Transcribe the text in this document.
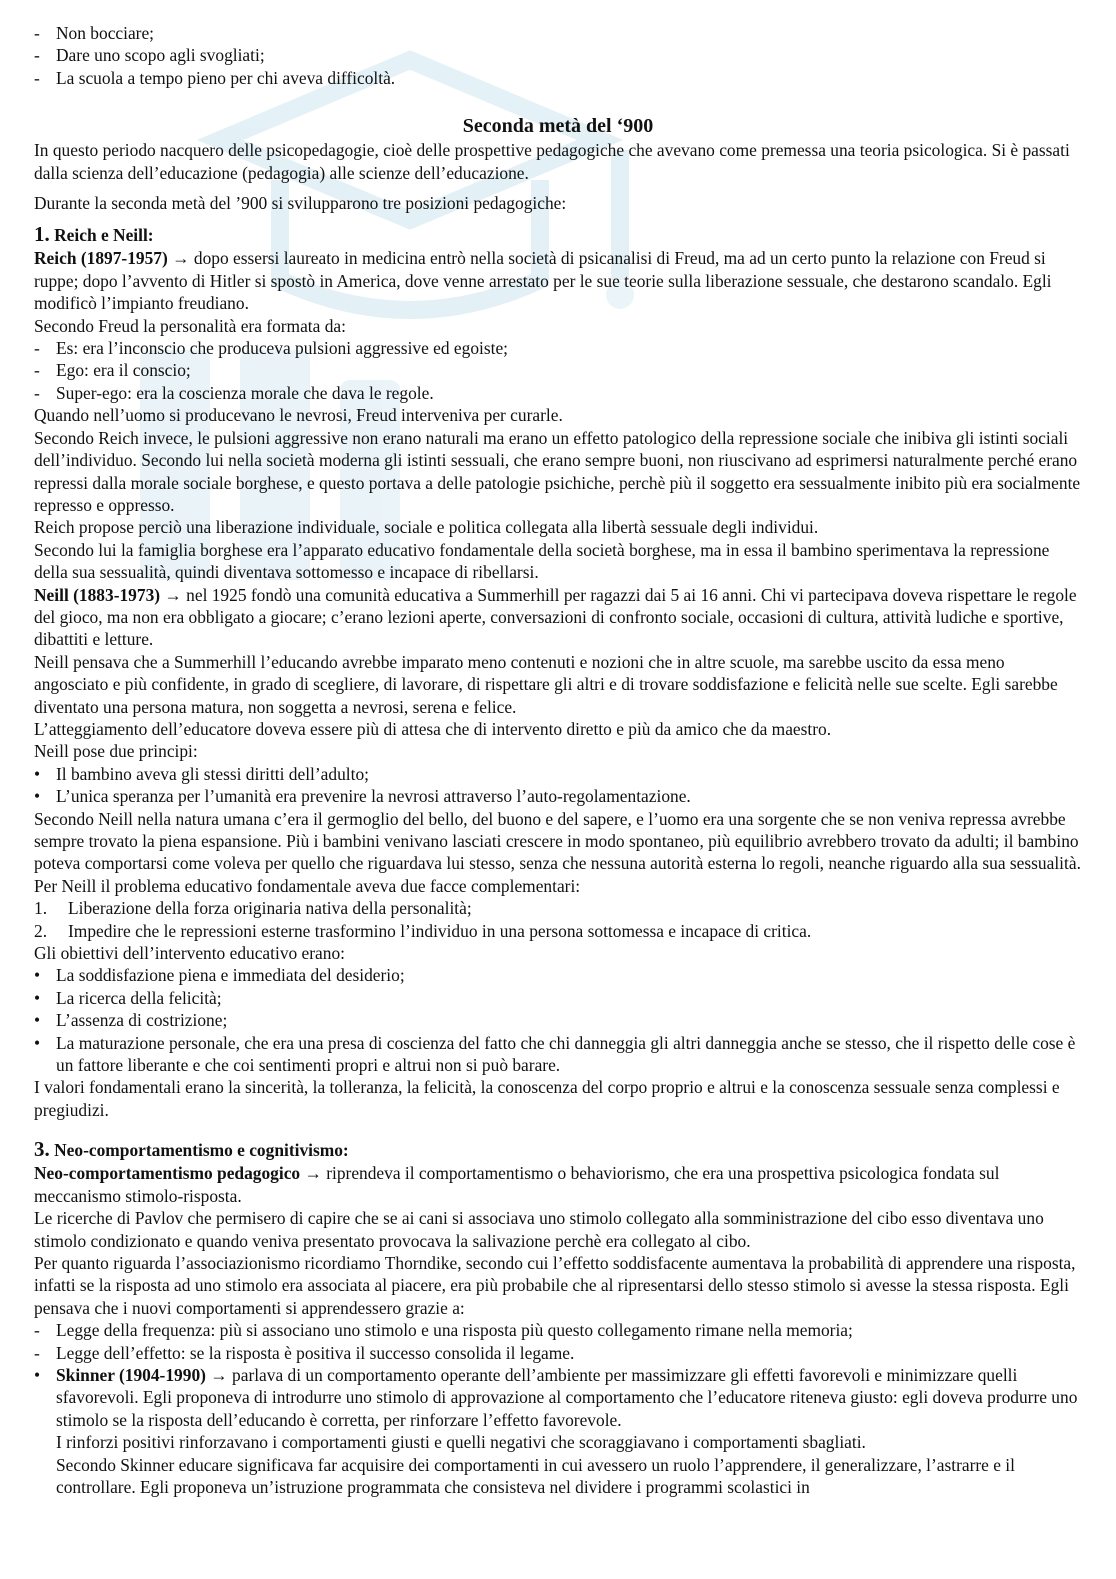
- Non bocciare;

- Dare uno scopo agli svogliati;

- La scuola a tempo pieno per chi aveva difficoltà.

Seconda metà del ‘900

In questo periodo nacquero delle psicopedagogie, cioè delle prospettive pedagogiche che avevano come premessa una teoria psicologica. Si è passati dalla scienza dell’educazione (pedagogia) alle scienze dell’educazione.

Durante la seconda metà del ’900 si svilupparono tre posizioni pedagogiche:

1. Reich e Neill:

Reich (1897-1957) → dopo essersi laureato in medicina entrò nella società di psicanalisi di Freud, ma ad un certo punto la relazione con Freud si ruppe; dopo l’avvento di Hitler si spostò in America, dove venne arrestato per le sue teorie sulla liberazione sessuale, che destarono scandalo. Egli modificò l’impianto freudiano.

Secondo Freud la personalità era formata da:

- Es: era l’inconscio che produceva pulsioni aggressive ed egoiste;

- Ego: era il conscio;

- Super-ego: era la coscienza morale che dava le regole.

Quando nell’uomo si producevano le nevrosi, Freud interveniva per curarle.

Secondo Reich invece, le pulsioni aggressive non erano naturali ma erano un effetto patologico della repressione sociale che inibiva gli istinti sociali dell’individuo. Secondo lui nella società moderna gli istinti sessuali, che erano sempre buoni, non riuscivano ad esprimersi naturalmente perché erano repressi dalla morale sociale borghese, e questo portava a delle patologie psichiche, perchè più il soggetto era sessualmente inibito più era socialmente represso e oppresso.

Reich propose perciò una liberazione individuale, sociale e politica collegata alla libertà sessuale degli individui.

Secondo lui la famiglia borghese era l’apparato educativo fondamentale della società borghese, ma in essa il bambino sperimentava la repressione della sua sessualità, quindi diventava sottomesso e incapace di ribellarsi.

Neill (1883-1973) → nel 1925 fondò una comunità educativa a Summerhill per ragazzi dai 5 ai 16 anni. Chi vi partecipava doveva rispettare le regole del gioco, ma non era obbligato a giocare; c’erano lezioni aperte, conversazioni di confronto sociale, occasioni di cultura, attività ludiche e sportive, dibattiti e letture.

Neill pensava che a Summerhill l’educando avrebbe imparato meno contenuti e nozioni che in altre scuole, ma sarebbe uscito da essa meno angosciato e più confidente, in grado di scegliere, di lavorare, di rispettare gli altri e di trovare soddisfazione e felicità nelle sue scelte. Egli sarebbe diventato una persona matura, non soggetta a nevrosi, serena e felice.

L’atteggiamento dell’educatore doveva essere più di attesa che di intervento diretto e più da amico che da maestro.

Neill pose due principi:

• Il bambino aveva gli stessi diritti dell’adulto;

• L’unica speranza per l’umanità era prevenire la nevrosi attraverso l’auto-regolamentazione.

Secondo Neill nella natura umana c’era il germoglio del bello, del buono e del sapere, e l’uomo era una sorgente che se non veniva repressa avrebbe sempre trovato la piena espansione. Più i bambini venivano lasciati crescere in modo spontaneo, più equilibrio avrebbero trovato da adulti; il bambino poteva comportarsi come voleva per quello che riguardava lui stesso, senza che nessuna autorità esterna lo regoli, neanche riguardo alla sua sessualità.

Per Neill il problema educativo fondamentale aveva due facce complementari:

1. Liberazione della forza originaria nativa della personalità;

2. Impedire che le repressioni esterne trasformino l’individuo in una persona sottomessa e incapace di critica.

Gli obiettivi dell’intervento educativo erano:

• La soddisfazione piena e immediata del desiderio;

• La ricerca della felicità;

• L’assenza di costrizione;

• La maturazione personale, che era una presa di coscienza del fatto che chi danneggia gli altri danneggia anche se stesso, che il rispetto delle cose è un fattore liberante e che coi sentimenti propri e altrui non si può barare.

I valori fondamentali erano la sincerità, la tolleranza, la felicità, la conoscenza del corpo proprio e altrui e la conoscenza sessuale senza complessi e pregiudizi.

3. Neo-comportamentismo e cognitivismo:

Neo-comportamentismo pedagogico → riprendeva il comportamentismo o behaviorismo, che era una prospettiva psicologica fondata sul meccanismo stimolo-risposta.

Le ricerche di Pavlov che permisero di capire che se ai cani si associava uno stimolo collegato alla somministrazione del cibo esso diventava uno stimolo condizionato e quando veniva presentato provocava la salivazione perchè era collegato al cibo.

Per quanto riguarda l’associazionismo ricordiamo Thorndike, secondo cui l’effetto soddisfacente aumentava la probabilità di apprendere una risposta, infatti se la risposta ad uno stimolo era associata al piacere, era più probabile che al ripresentarsi dello stesso stimolo si avesse la stessa risposta. Egli pensava che i nuovi comportamenti si apprendessero grazie a:

- Legge della frequenza: più si associano uno stimolo e una risposta più questo collegamento rimane nella memoria;

- Legge dell’effetto: se la risposta è positiva il successo consolida il legame.

• Skinner (1904-1990) → parlava di un comportamento operante dell’ambiente per massimizzare gli effetti favorevoli e minimizzare quelli sfavorevoli. Egli proponeva di introdurre uno stimolo di approvazione al comportamento che l’educatore riteneva giusto: egli doveva produrre uno stimolo se la risposta dell’educando è corretta, per rinforzare l’effetto favorevole.

I rinforzi positivi rinforzavano i comportamenti giusti e quelli negativi che scoraggiavano i comportamenti sbagliati.

Secondo Skinner educare significava far acquisire dei comportamenti in cui avessero un ruolo l’apprendere, il generalizzare, l’astrarre e il controllare. Egli proponeva un’istruzione programmata che consisteva nel dividere i programmi scolastici in
